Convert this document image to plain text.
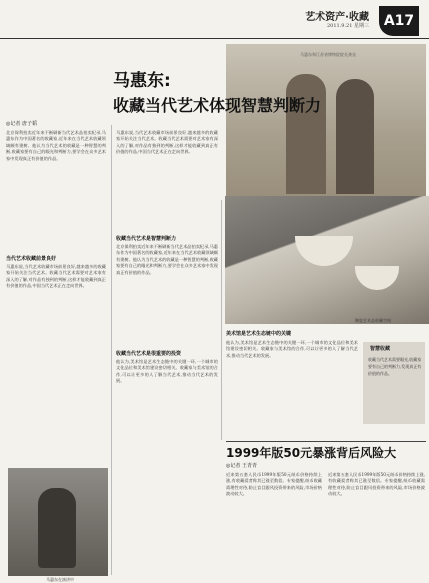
艺术资产·收藏
2011.9.21 星期三	A17
马惠东和江苏省博物院院长龚良
马惠东:
收藏当代艺术体现智慧判断力
◎记者 唐子韬
北京保利拍卖近年来不断刷新当代艺术品拍卖纪录,马惠东作为中国著名的收藏家,近年来在当代艺术收藏领域颇有建树。他认为当代艺术的收藏是一种智慧的判断,收藏家要有自己的眼光和判断力,要学会在众多艺术家中发现真正有价值的作品。
当代艺术收藏前景良好
马惠东说,当代艺术收藏市场前景良好,越来越多的收藏家开始关注当代艺术。收藏当代艺术需要对艺术家有深入的了解,对作品有独到的判断,这样才能收藏到真正有价值的作品,中国当代艺术正在走向世界。
马惠东说,当代艺术收藏市场前景良好,越来越多的收藏家开始关注当代艺术。收藏当代艺术需要对艺术家有深入的了解,对作品有独到的判断,这样才能收藏到真正有价值的作品,中国当代艺术正在走向世界。
收藏当代艺术是智慧判断力
北京保利拍卖近年来不断刷新当代艺术品拍卖纪录,马惠东作为中国著名的收藏家,近年来在当代艺术收藏领域颇有建树。他认为当代艺术的收藏是一种智慧的判断,收藏家要有自己的眼光和判断力,要学会在众多艺术家中发现真正有价值的作品。
收藏当代艺术是很重要的投资
他认为,美术馆是艺术生态链中的关键一环,一个城市的文化品位和美术馆建设密切相关。收藏家与美术馆的合作,可以让更多的人了解当代艺术,推动当代艺术的发展。
陶瓷艺术品收藏空间
美术馆是艺术生态链中的关键
他认为,美术馆是艺术生态链中的关键一环,一个城市的文化品位和美术馆建设密切相关。收藏家与美术馆的合作,可以让更多的人了解当代艺术,推动当代艺术的发展。
智慧收藏
收藏当代艺术需要眼光,收藏家要有自己的判断力,发现真正有价值的作品。
马惠东在演讲中
1999年版50元暴涨背后风险大
◎记者 王青青
近来第五套人民币1999年版50元纸币价格持续上涨,有收藏爱者称其已涨至数倍。专家提醒,纸币收藏需理性对待,防止盲目跟风投资带来的风险,市场价格波动较大。
近来第五套人民币1999年版50元纸币价格持续上涨,有收藏爱者称其已涨至数倍。专家提醒,纸币收藏需理性对待,防止盲目跟风投资带来的风险,市场价格波动较大。
